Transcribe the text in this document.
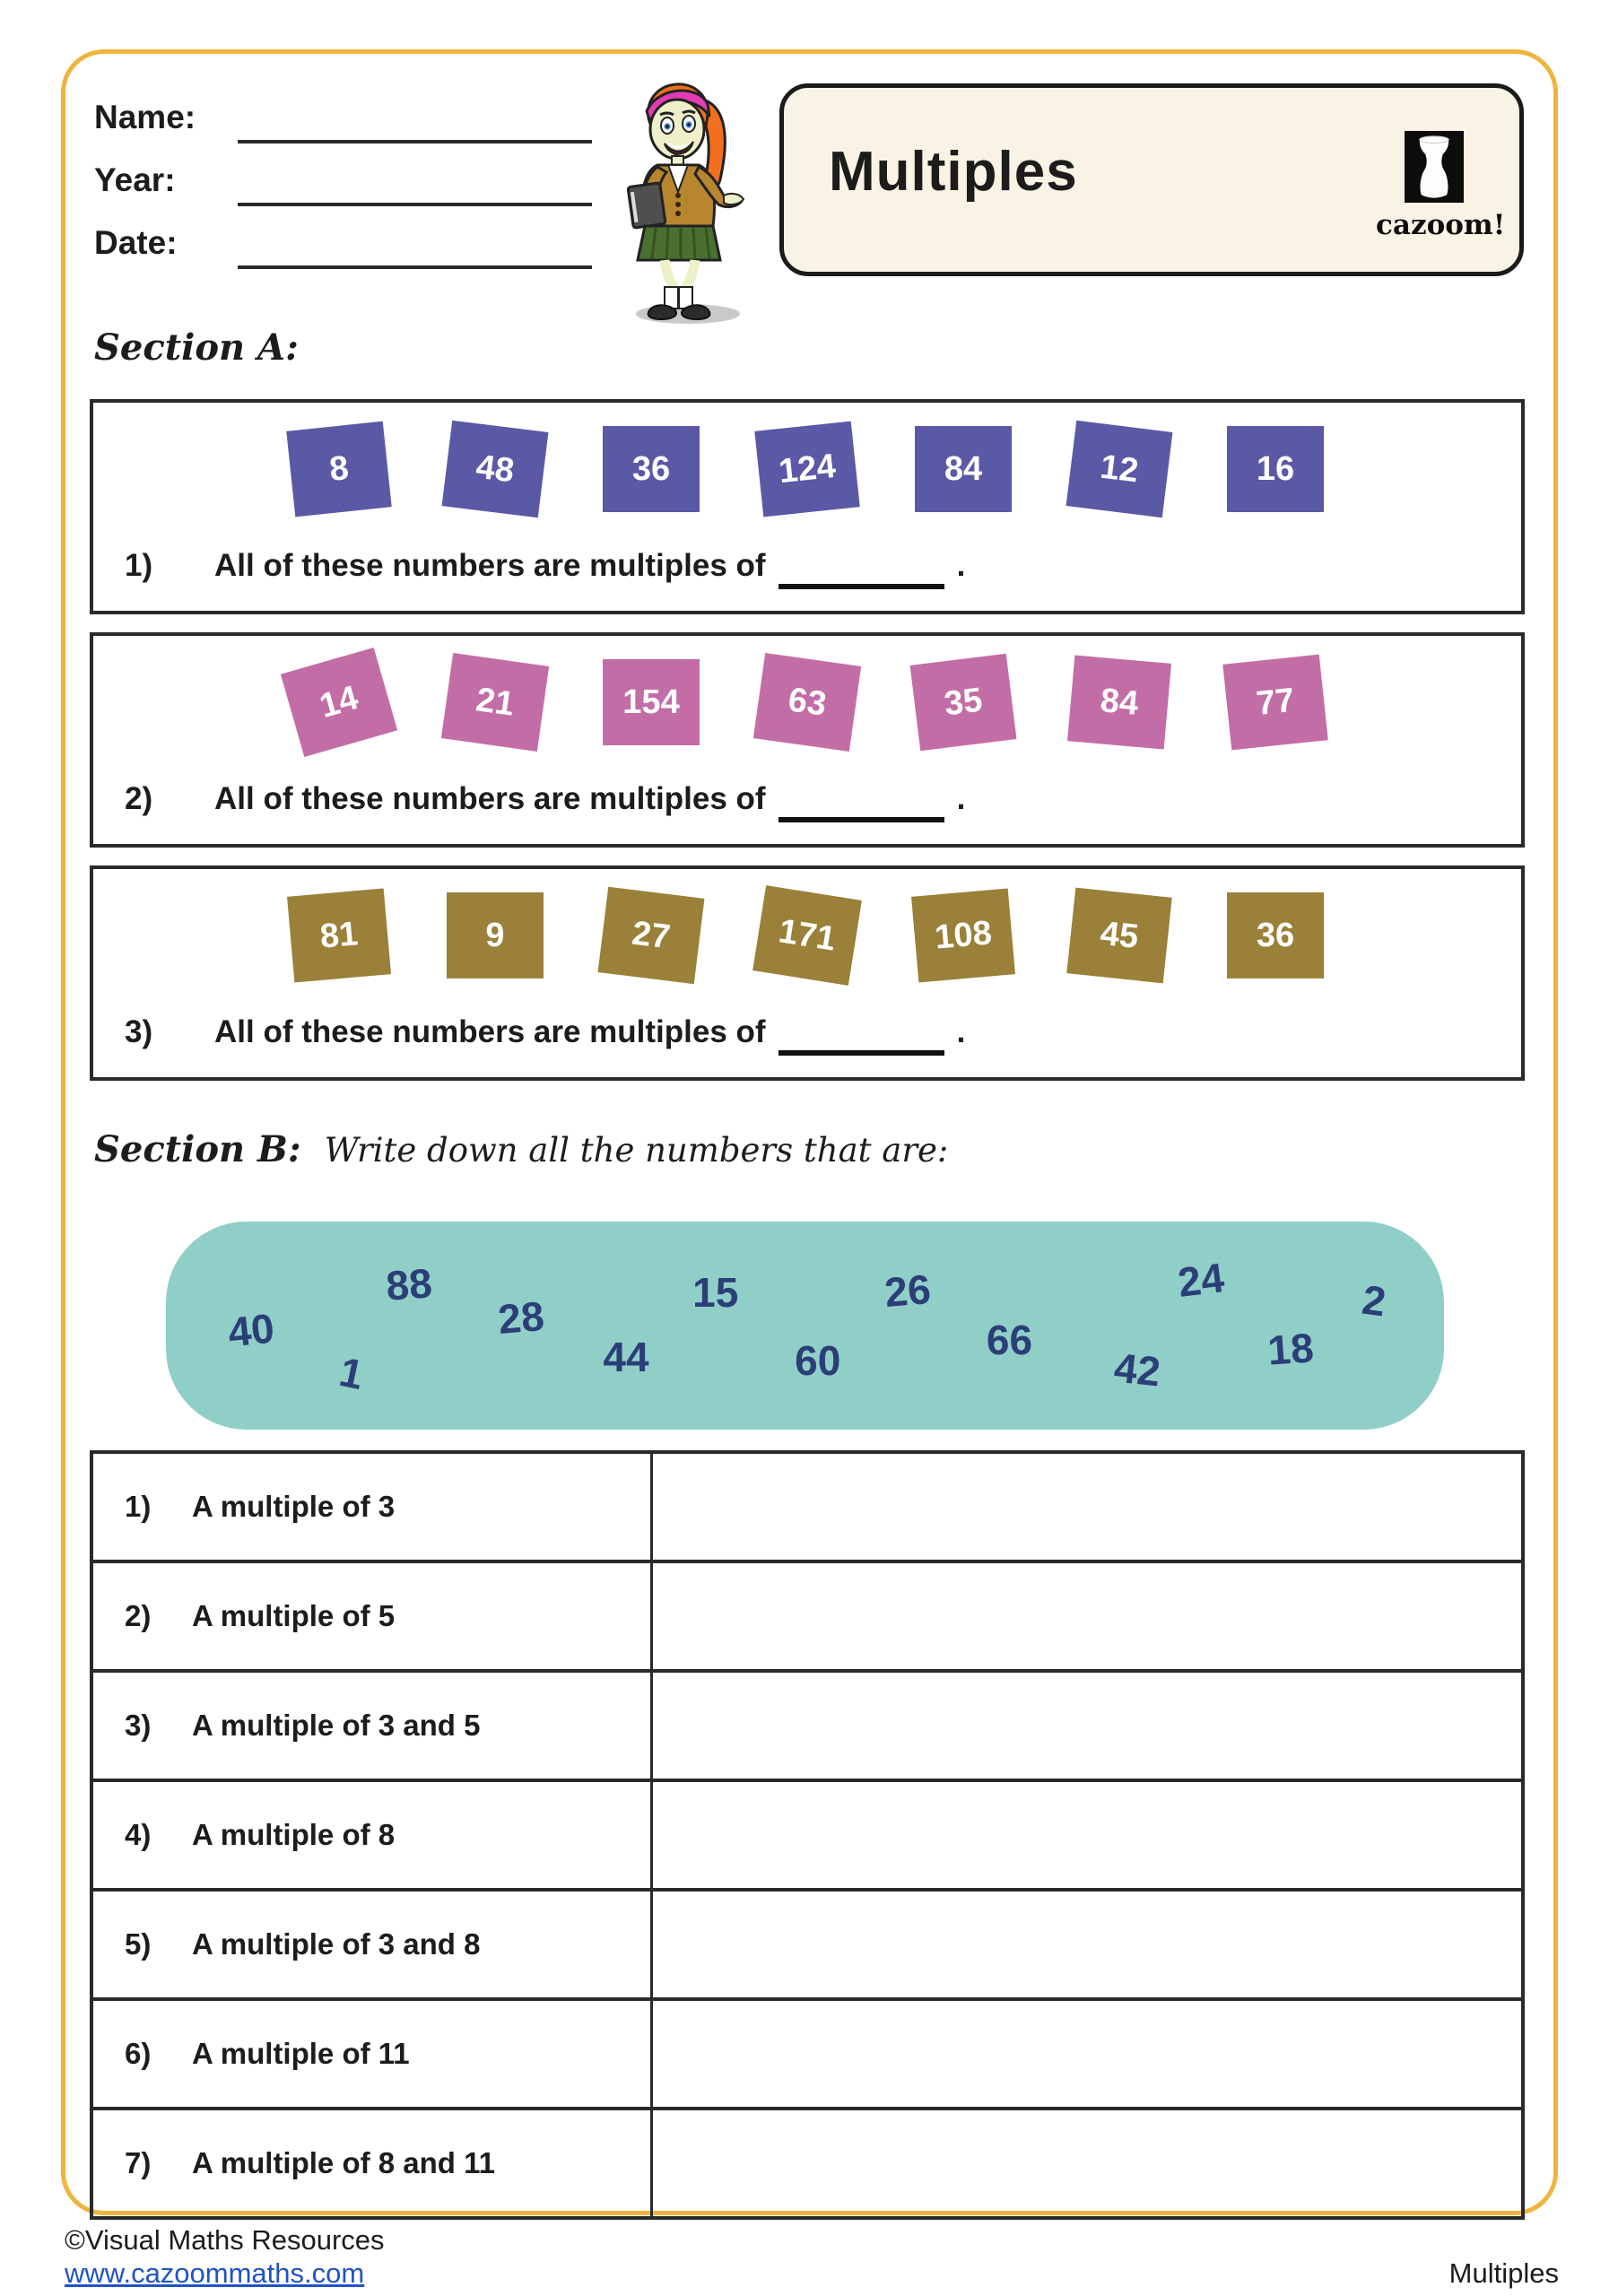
Name:
Year:
Date:
Multiples
cazoom!
Section A:
8	48	36	124	84	12	16
1) All of these numbers are multiples of	.
14	21	154	63	35	84	77
2) All of these numbers are multiples of	.
81	9	27	171	108	45	36
3) All of these numbers are multiples of	.
Section B: Write down all the numbers that are:
40
88
1
28
44
15
60
26
66
42
24
18
2
1)	A multiple of 3
2)	A multiple of 5
3)	A multiple of 3 and 5
4)	A multiple of 8
5)	A multiple of 3 and 8
6)	A multiple of 11
7)	A multiple of 8 and 11
©Visual Maths Resources
www.cazoommaths.com	Multiples
